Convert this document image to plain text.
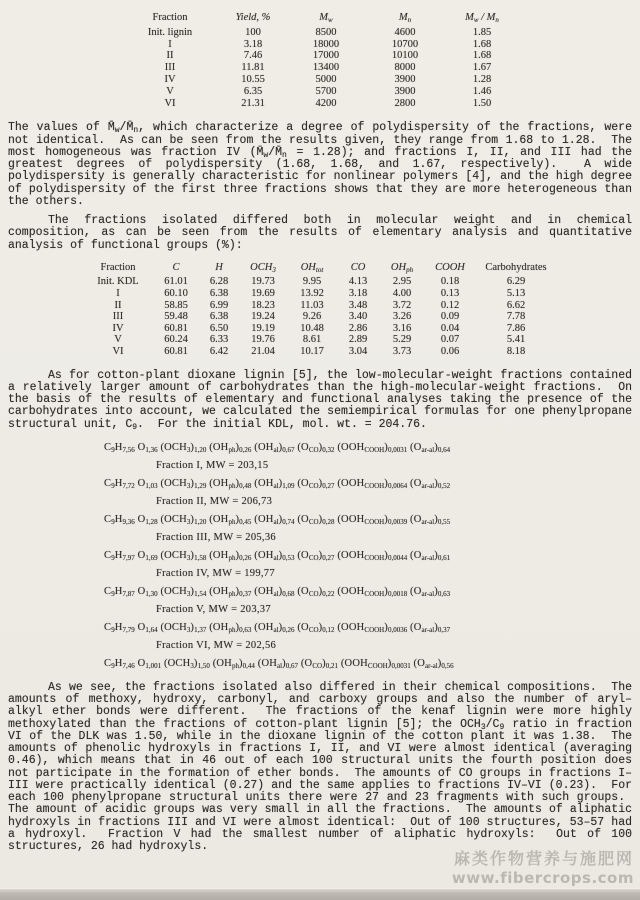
Fraction	Yield, %	$M_w$	$M_n$	$M_w / M_n$
Init. lignin	100	8500	4600	1.85
I	3.18	18000	10700	1.68
II	7.46	17000	10100	1.68
III	11.81	13400	8000	1.67
IV	10.55	5000	3900	1.28
V	6.35	5700	3900	1.46
VI	21.31	4200	2800	1.50
The values of $M̄_w/M̄_n$, which characterize a degree of polydispersity of the fractions, were not identical.  As can be seen from the results given, they range from 1.68 to 1.28.  The most homogeneous was fraction IV $(M̄_w/M̄_n = 1.28)$; and fractions I, II, and III had the greatest degrees of polydispersity (1.68, 1.68, and 1.67, respectively).  A wide polydispersity is generally characteristic for nonlinear polymers [4], and the high degree of polydispersity of the first three fractions shows that they are more heterogeneous than the others.
The fractions isolated differed both in molecular weight and in chemical composition, as can be seen from the results of elementary analysis and quantitative analysis of functional groups (%):
Fraction	C	H	$OCH_3$	$OH_{tot}$	CO	$OH_{ph}$	COOH	Carbohydrates
Init. KDL	61.01	6.28	19.73	9.95	4.13	2.95	0.18	6.29
I	60.10	6.38	19.69	13.92	3.18	4.00	0.13	5.13
II	58.85	6.99	18.23	11.03	3.48	3.72	0.12	6.62
III	59.48	6.38	19.24	9.26	3.40	3.26	0.09	7.78
IV	60.81	6.50	19.19	10.48	2.86	3.16	0.04	7.86
V	60.24	6.33	19.76	8.61	2.89	5.29	0.07	5.41
VI	60.81	6.42	21.04	10.17	3.04	3.73	0.06	8.18
As for cotton-plant dioxane lignin [5], the low-molecular-weight fractions contained a relatively larger amount of carbohydrates than the high-molecular-weight fractions.  On the basis of the results of elementary and functional analyses taking the presence of the carbohydrates into account, we calculated the semiempirical formulas for one phenylpropane structural unit, $C_9$.  For the initial KDL, mol. wt. = 204.76.
$C_9H_{7,56}$ $O_{1,36}$ $(OCH_3)_{1,20}$ $(OH_{ph})_{0,26}$ $(OH_{al})_{0,67}$ $(O_{CO})_{0,32}$ $(OOH_{COOH})_{0,0031}$ $(O_{ar-al})_{0,64}$
Fraction I, MW = 203,15
$C_9H_{7,72}$ $O_{1,03}$ $(OCH_3)_{1,29}$ $(OH_{ph})_{0,48}$ $(OH_{al})_{1,09}$ $(O_{CO})_{0,27}$ $(OOH_{COOH})_{0,0064}$ $(O_{ar-al})_{0,52}$
Fraction II, MW = 206,73
$C_9H_{9,36}$ $O_{1,28}$ $(OCH_3)_{1,20}$ $(OH_{ph})_{0,45}$ $(OH_{al})_{0,74}$ $(O_{CO})_{0,28}$ $(OOH_{COOH})_{0,0039}$ $(O_{ar-al})_{0,55}$
Fraction III, MW = 205,36
$C_9H_{7,97}$ $O_{1,69}$ $(OCH_3)_{1,58}$ $(OH_{ph})_{0,26}$ $(OH_{al})_{0,53}$ $(O_{CO})_{0,27}$ $(OOH_{COOH})_{0,0044}$ $(O_{ar-al})_{0,61}$
Fraction IV, MW = 199,77
$C_9H_{7,87}$ $O_{1,30}$ $(OCH_3)_{1,54}$ $(OH_{ph})_{0,37}$ $(OH_{al})_{0,68}$ $(O_{CO})_{0,22}$ $(OOH_{COOH})_{0,0018}$ $(O_{ar-al})_{0,63}$
Fraction V, MW = 203,37
$C_9H_{7,79}$ $O_{1,64}$ $(OCH_3)_{1,37}$ $(OH_{ph})_{0,63}$ $(OH_{al})_{0,26}$ $(O_{CO})_{0,12}$ $(OOH_{COOH})_{0,0036}$ $(O_{ar-al})_{0,37}$
Fraction VI, MW = 202,56
$C_9H_{7,46}$ $O_{1,001}$ $(OCH_3)_{1,50}$ $(OH_{ph})_{0,44}$ $(OH_{al})_{0,67}$ $(O_{CO})_{0,21}$ $(OOH_{COOH})_{0,0031}$ $(O_{ar-al})_{0,56}$
As we see, the fractions isolated also differed in their chemical compositions.  The amounts of methoxy, hydroxy, carbonyl, and carboxy groups and also the number of aryl–alkyl ether bonds were different.  The fractions of the kenaf lignin were more highly methoxylated than the fractions of cotton-plant lignin [5]; the $OCH_3/C_9$ ratio in fraction VI of the DLK was 1.50, while in the dioxane lignin of the cotton plant it was 1.38.  The amounts of phenolic hydroxyls in fractions I, II, and VI were almost identical (averaging 0.46), which means that in 46 out of each 100 structural units the fourth position does not participate in the formation of ether bonds.  The amounts of CO groups in fractions I–III were practically identical (0.27) and the same applies to fractions IV–VI (0.23).  For each 100 phenylpropane structural units there were 27 and 23 fragments with such groups.  The amount of acidic groups was very small in all the fractions.  The amounts of aliphatic hydroxyls in fractions III and VI were almost identical:  Out of 100 structures, 53–57 had a hydroxyl.  Fraction V had the smallest number of aliphatic hydroxyls:  Out of 100 structures, 26 had hydroxyls.
麻类作物营养与施肥网
www.fibercrops.com
